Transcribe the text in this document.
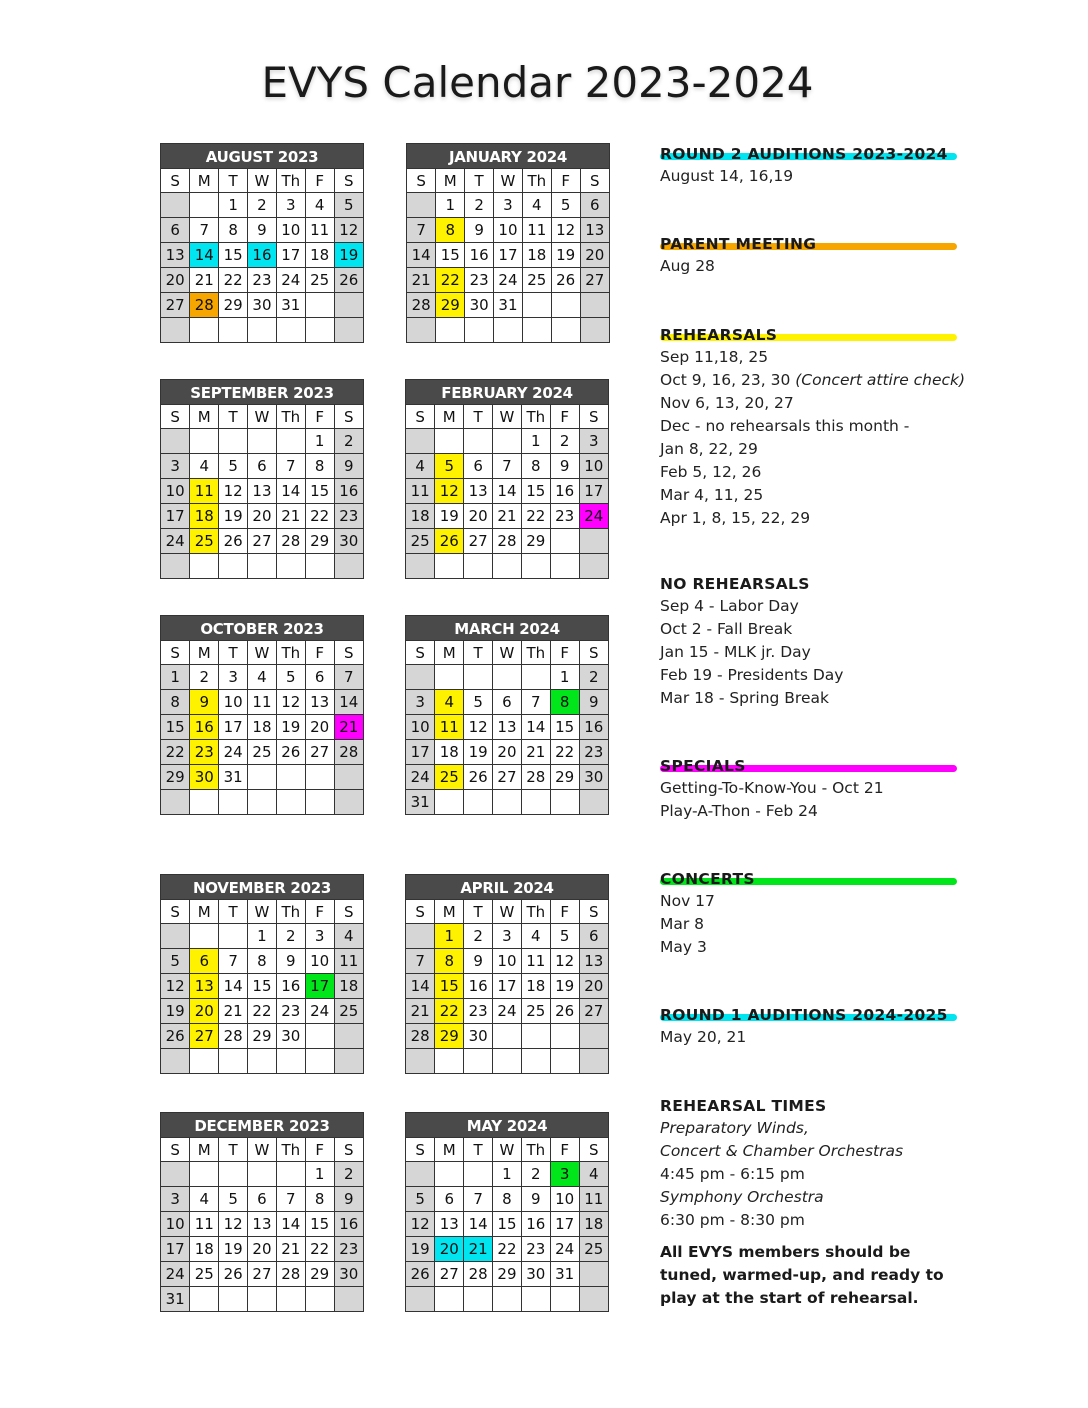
EVYS Calendar 2023-2024
AUGUST 2023
S	M	T	W	Th	F	S
		1	2	3	4	5
6	7	8	9	10	11	12
13	14	15	16	17	18	19
20	21	22	23	24	25	26
27	28	29	30	31		

JANUARY 2024
S	M	T	W	Th	F	S
	1	2	3	4	5	6
7	8	9	10	11	12	13
14	15	16	17	18	19	20
21	22	23	24	25	26	27
28	29	30	31			

SEPTEMBER 2023
S	M	T	W	Th	F	S
					1	2
3	4	5	6	7	8	9
10	11	12	13	14	15	16
17	18	19	20	21	22	23
24	25	26	27	28	29	30

FEBRUARY 2024
S	M	T	W	Th	F	S
				1	2	3
4	5	6	7	8	9	10
11	12	13	14	15	16	17
18	19	20	21	22	23	24
25	26	27	28	29		

OCTOBER 2023
S	M	T	W	Th	F	S
1	2	3	4	5	6	7
8	9	10	11	12	13	14
15	16	17	18	19	20	21
22	23	24	25	26	27	28
29	30	31				

MARCH 2024
S	M	T	W	Th	F	S
					1	2
3	4	5	6	7	8	9
10	11	12	13	14	15	16
17	18	19	20	21	22	23
24	25	26	27	28	29	30
31						
NOVEMBER 2023
S	M	T	W	Th	F	S
			1	2	3	4
5	6	7	8	9	10	11
12	13	14	15	16	17	18
19	20	21	22	23	24	25
26	27	28	29	30		

APRIL 2024
S	M	T	W	Th	F	S
	1	2	3	4	5	6
7	8	9	10	11	12	13
14	15	16	17	18	19	20
21	22	23	24	25	26	27
28	29	30				

DECEMBER 2023
S	M	T	W	Th	F	S
					1	2
3	4	5	6	7	8	9
10	11	12	13	14	15	16
17	18	19	20	21	22	23
24	25	26	27	28	29	30
31						
MAY 2024
S	M	T	W	Th	F	S
			1	2	3	4
5	6	7	8	9	10	11
12	13	14	15	16	17	18
19	20	21	22	23	24	25
26	27	28	29	30	31	

ROUND 2 AUDITIONS 2023-2024
August 14, 16,19
PARENT MEETING
Aug 28
REHEARSALS
Sep 11,18, 25
Oct 9, 16, 23, 30 (Concert attire check)
Nov 6, 13, 20, 27
Dec - no rehearsals this month -
Jan 8, 22, 29
Feb 5, 12, 26
Mar 4, 11, 25
Apr 1, 8, 15, 22, 29
NO REHEARSALS
Sep 4 - Labor Day
Oct 2 - Fall Break
Jan 15 - MLK jr. Day
Feb 19 - Presidents Day
Mar 18 - Spring Break
SPECIALS
Getting-To-Know-You - Oct 21
Play-A-Thon - Feb 24
CONCERTS
Nov 17
Mar 8
May 3
ROUND 1 AUDITIONS 2024-2025
May 20, 21
REHEARSAL TIMES
Preparatory Winds,
Concert & Chamber Orchestras
4:45 pm - 6:15 pm
Symphony Orchestra
6:30 pm - 8:30 pm
All EVYS members should be tuned, warmed-up, and ready to play at the start of rehearsal.
